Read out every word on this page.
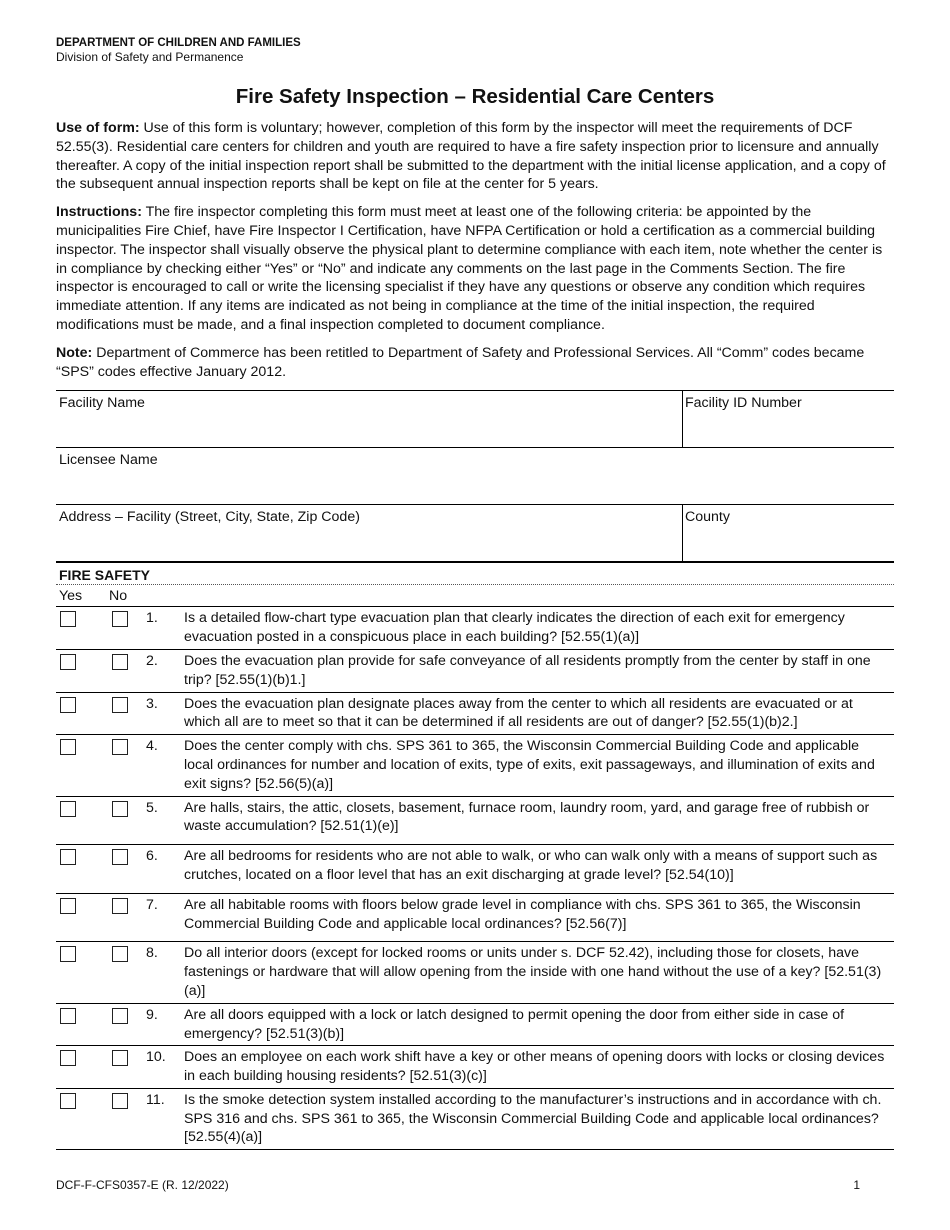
DEPARTMENT OF CHILDREN AND FAMILIES
Division of Safety and Permanence
Fire Safety Inspection – Residential Care Centers
Use of form: Use of this form is voluntary; however, completion of this form by the inspector will meet the requirements of DCF 52.55(3). Residential care centers for children and youth are required to have a fire safety inspection prior to licensure and annually thereafter. A copy of the initial inspection report shall be submitted to the department with the initial license application, and a copy of the subsequent annual inspection reports shall be kept on file at the center for 5 years.
Instructions: The fire inspector completing this form must meet at least one of the following criteria: be appointed by the municipalities Fire Chief, have Fire Inspector I Certification, have NFPA Certification or hold a certification as a commercial building inspector. The inspector shall visually observe the physical plant to determine compliance with each item, note whether the center is in compliance by checking either “Yes” or “No” and indicate any comments on the last page in the Comments Section. The fire inspector is encouraged to call or write the licensing specialist if they have any questions or observe any condition which requires immediate attention. If any items are indicated as not being in compliance at the time of the initial inspection, the required modifications must be made, and a final inspection completed to document compliance.
Note: Department of Commerce has been retitled to Department of Safety and Professional Services. All “Comm” codes became “SPS” codes effective January 2012.
Facility Name	Facility ID Number
Licensee Name
Address – Facility (Street, City, State, Zip Code)	County
FIRE SAFETY
Yes	No
1.	Is a detailed flow-chart type evacuation plan that clearly indicates the direction of each exit for emergency evacuation posted in a conspicuous place in each building? [52.55(1)(a)]
2.	Does the evacuation plan provide for safe conveyance of all residents promptly from the center by staff in one trip? [52.55(1)(b)1.]
3.	Does the evacuation plan designate places away from the center to which all residents are evacuated or at which all are to meet so that it can be determined if all residents are out of danger? [52.55(1)(b)2.]
4.	Does the center comply with chs. SPS 361 to 365, the Wisconsin Commercial Building Code and applicable local ordinances for number and location of exits, type of exits, exit passageways, and illumination of exits and exit signs? [52.56(5)(a)]
5.	Are halls, stairs, the attic, closets, basement, furnace room, laundry room, yard, and garage free of rubbish or waste accumulation? [52.51(1)(e)]
6.	Are all bedrooms for residents who are not able to walk, or who can walk only with a means of support such as crutches, located on a floor level that has an exit discharging at grade level? [52.54(10)]
7.	Are all habitable rooms with floors below grade level in compliance with chs. SPS 361 to 365, the Wisconsin Commercial Building Code and applicable local ordinances? [52.56(7)]
8.	Do all interior doors (except for locked rooms or units under s. DCF 52.42), including those for closets, have fastenings or hardware that will allow opening from the inside with one hand without the use of a key? [52.51(3)(a)]
9.	Are all doors equipped with a lock or latch designed to permit opening the door from either side in case of emergency? [52.51(3)(b)]
10.	Does an employee on each work shift have a key or other means of opening doors with locks or closing devices in each building housing residents? [52.51(3)(c)]
11.	Is the smoke detection system installed according to the manufacturer’s instructions and in accordance with ch. SPS 316 and chs. SPS 361 to 365, the Wisconsin Commercial Building Code and applicable local ordinances? [52.55(4)(a)]
DCF-F-CFS0357-E (R. 12/2022)	1
